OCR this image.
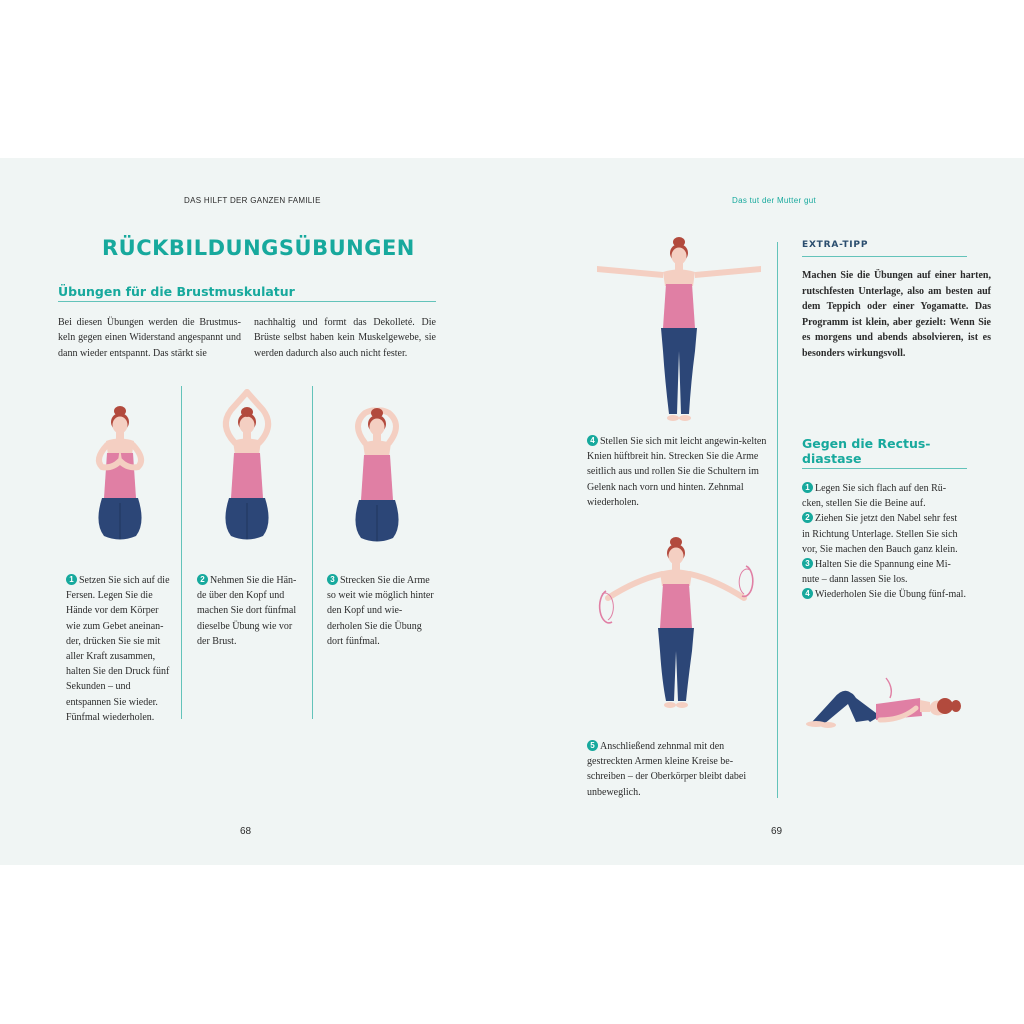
DAS HILFT DER GANZEN FAMILIE
RÜCKBILDUNGSÜBUNGEN
Übungen für die Brustmuskulatur
Bei diesen Übungen werden die Brustmus-keln gegen einen Widerstand angespannt und dann wieder entspannt. Das stärkt sie
nachhaltig und formt das Dekolleté. Die Brüste selbst haben kein Muskelgewebe, sie werden dadurch also auch nicht fester.
1 Setzen Sie sich auf die Fersen. Legen Sie die Hände vor dem Körper wie zum Gebet aneinan-der, drücken Sie sie mit aller Kraft zusammen, halten Sie den Druck fünf Sekunden – und entspannen Sie wieder. Fünfmal wiederholen.
2 Nehmen Sie die Hän-de über den Kopf und machen Sie dort fünfmal dieselbe Übung wie vor der Brust.
3 Strecken Sie die Arme so weit wie möglich hinter den Kopf und wie-derholen Sie die Übung dort fünfmal.
68
Das tut der Mutter gut
4 Stellen Sie sich mit leicht angewin-kelten Knien hüftbreit hin. Strecken Sie die Arme seitlich aus und rollen Sie die Schultern im Gelenk nach vorn und hinten. Zehnmal wiederholen.
5 Anschließend zehnmal mit den gestreckten Armen kleine Kreise be-schreiben – der Oberkörper bleibt dabei unbeweglich.
EXTRA-TIPP
Machen Sie die Übungen auf einer harten, rutschfesten Unterlage, also am besten auf dem Teppich oder einer Yogamatte. Das Programm ist klein, aber gezielt: Wenn Sie es morgens und abends absolvieren, ist es besonders wirkungsvoll.
Gegen die Rectus-
diastase
1 Legen Sie sich flach auf den Rü-cken, stellen Sie die Beine auf.
2 Ziehen Sie jetzt den Nabel sehr fest in Richtung Unterlage. Stellen Sie sich vor, Sie machen den Bauch ganz klein.
3 Halten Sie die Spannung eine Mi-nute – dann lassen Sie los.
4 Wiederholen Sie die Übung fünf-mal.
69
